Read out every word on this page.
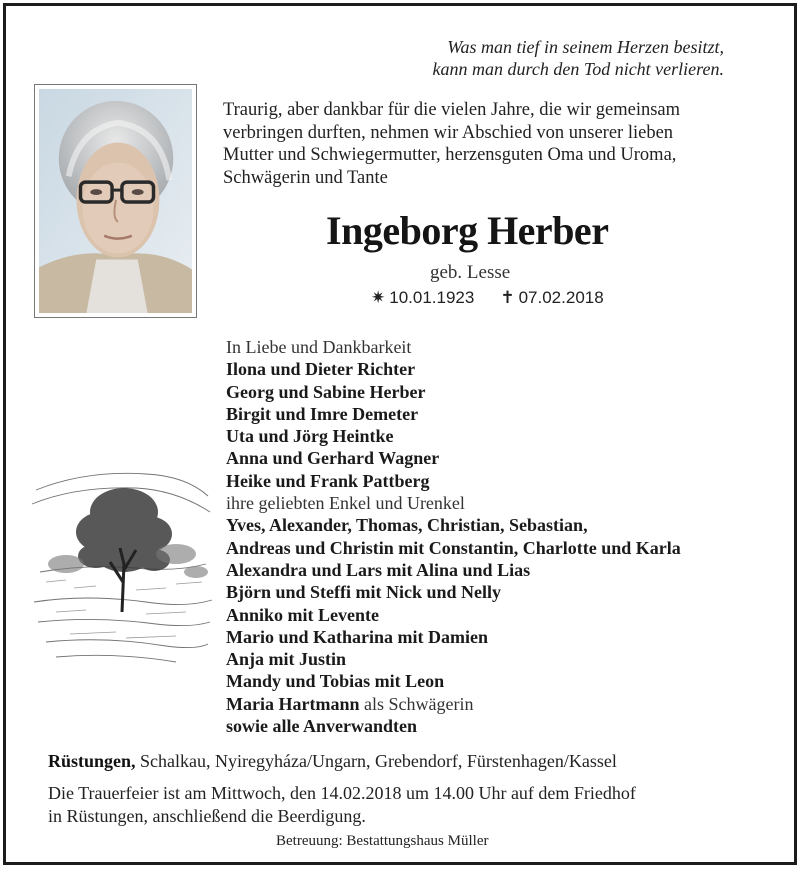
Was man tief in seinem Herzen besitzt,
kann man durch den Tod nicht verlieren.
Traurig, aber dankbar für die vielen Jahre, die wir gemeinsam
verbringen durften, nehmen wir Abschied von unserer lieben
Mutter und Schwiegermutter, herzensguten Oma und Uroma,
Schwägerin und Tante
Ingeborg Herber
geb. Lesse
✷ 10.01.1923 ✝ 07.02.2018
In Liebe und Dankbarkeit
Ilona und Dieter Richter
Georg und Sabine Herber
Birgit und Imre Demeter
Uta und Jörg Heintke
Anna und Gerhard Wagner
Heike und Frank Pattberg
ihre geliebten Enkel und Urenkel
Yves, Alexander, Thomas, Christian, Sebastian,
Andreas und Christin mit Constantin, Charlotte und Karla
Alexandra und Lars mit Alina und Lias
Björn und Steffi mit Nick und Nelly
Anniko mit Levente
Mario und Katharina mit Damien
Anja mit Justin
Mandy und Tobias mit Leon
Maria Hartmann als Schwägerin
sowie alle Anverwandten
Rüstungen, Schalkau, Nyiregyháza/Ungarn, Grebendorf, Fürstenhagen/Kassel
Die Trauerfeier ist am Mittwoch, den 14.02.2018 um 14.00 Uhr auf dem Friedhof
in Rüstungen, anschließend die Beerdigung.
Betreuung: Bestattungshaus Müller
